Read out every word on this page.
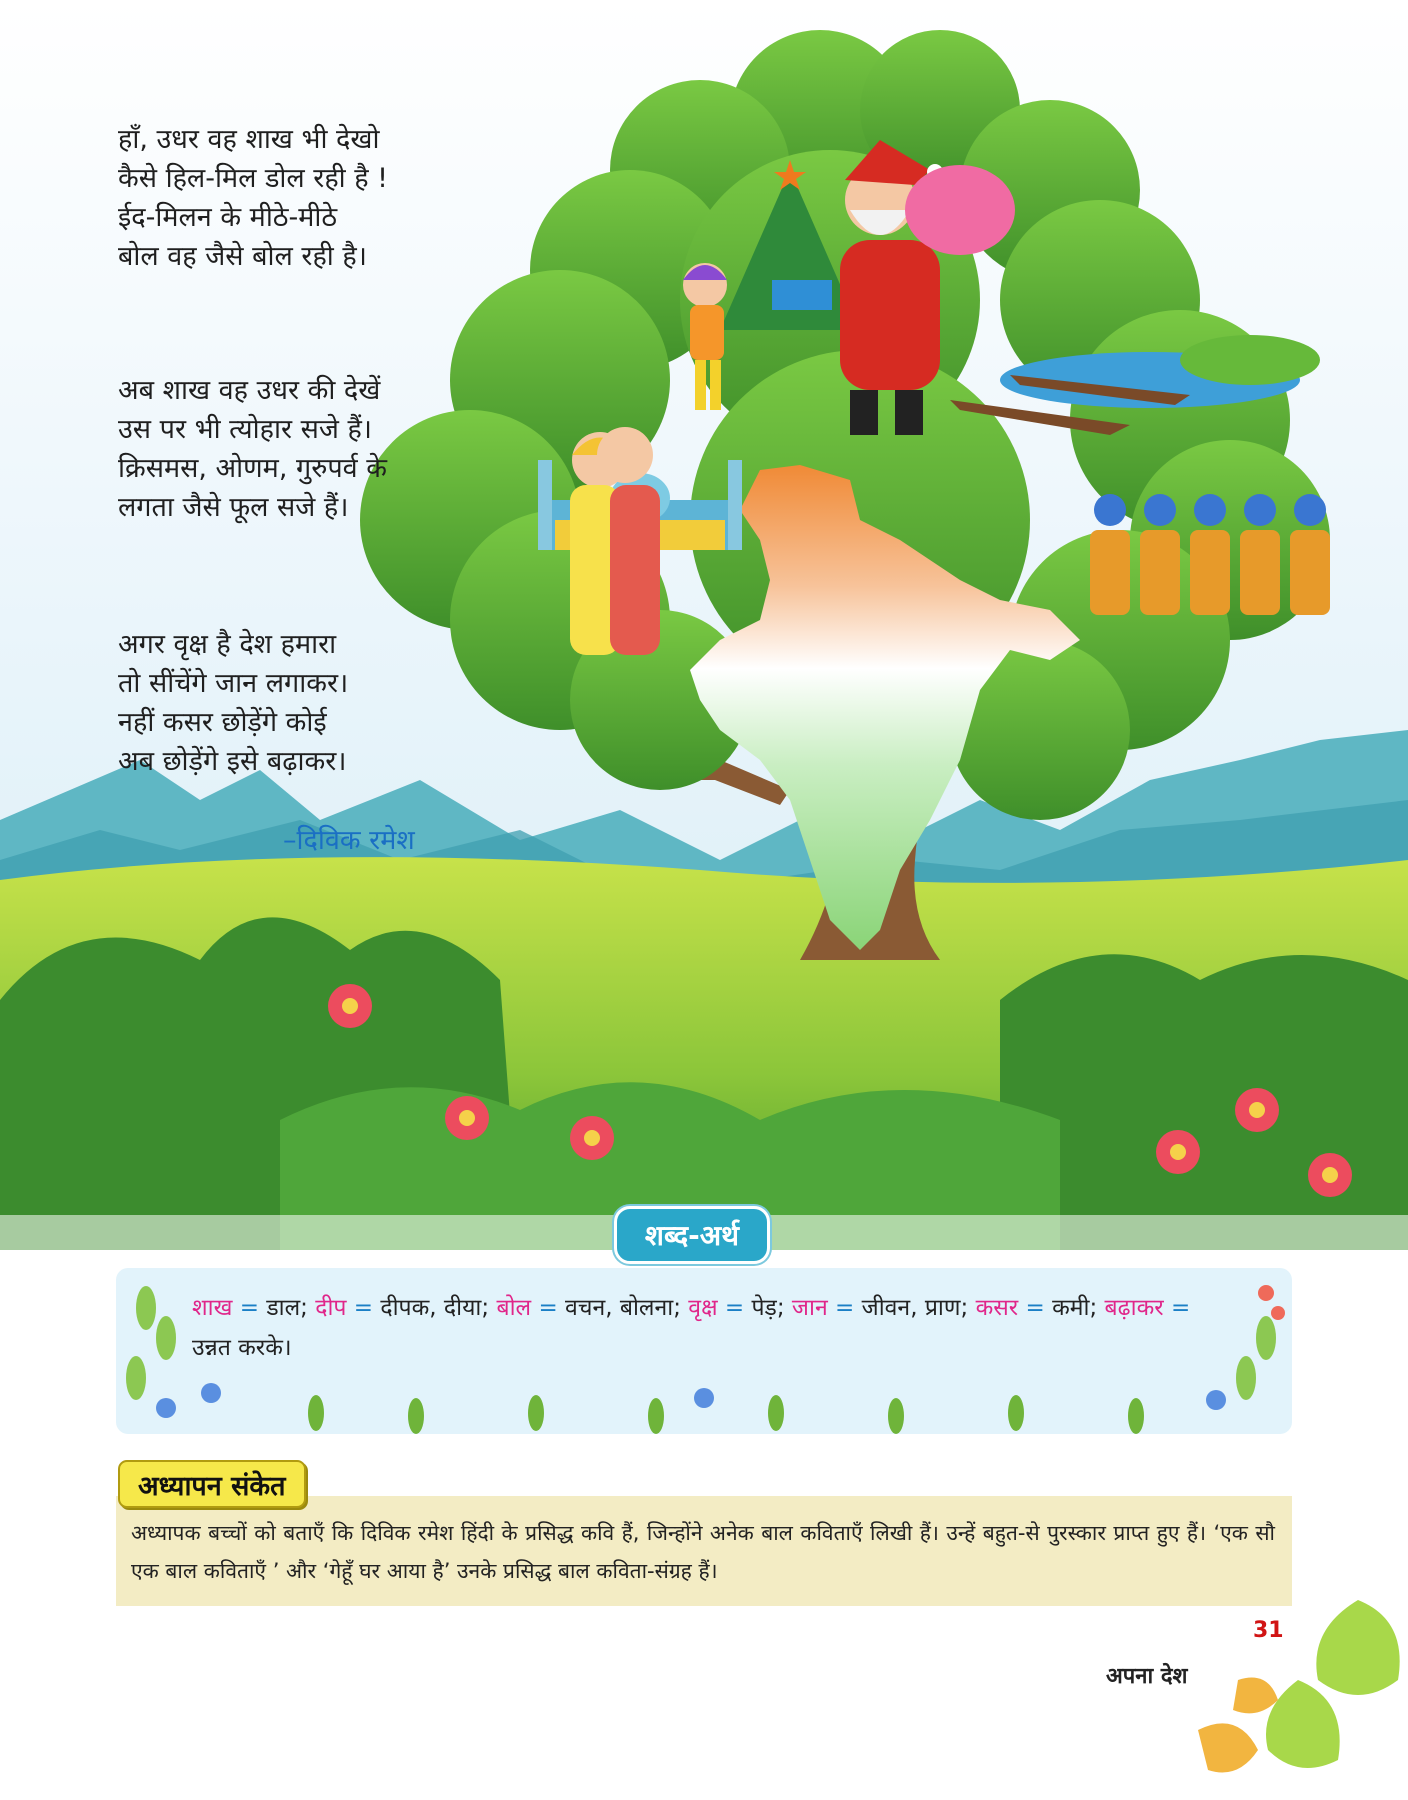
हाँ, उधर वह शाख भी देखो
कैसे हिल-मिल डोल रही है !
ईद-मिलन के मीठे-मीठे
बोल वह जैसे बोल रही है।
अब शाख वह उधर की देखें
उस पर भी त्योहार सजे हैं।
क्रिसमस, ओणम, गुरुपर्व के
लगता जैसे फूल सजे हैं।
अगर वृक्ष है देश हमारा
तो सींचेंगे जान लगाकर।
नहीं कसर छोड़ेंगे कोई
अब छोड़ेंगे इसे बढ़ाकर।
–दिविक रमेश
शब्द-अर्थ
शाख = डाल; दीप = दीपक, दीया; बोल = वचन, बोलना; वृक्ष = पेड़; जान = जीवन, प्राण; कसर = कमी; बढ़ाकर = उन्नत करके।
अध्यापक बच्चों को बताएँ कि दिविक रमेश हिंदी के प्रसिद्ध कवि हैं, जिन्होंने अनेक बाल कविताएँ लिखी हैं। उन्हें बहुत-से पुरस्कार प्राप्त हुए हैं। ‘एक सौ एक बाल कविताएँ ’ और ‘गेहूँ घर आया है’ उनके प्रसिद्ध बाल कविता-संग्रह हैं।
अध्यापन संकेत
31
अपना देश
